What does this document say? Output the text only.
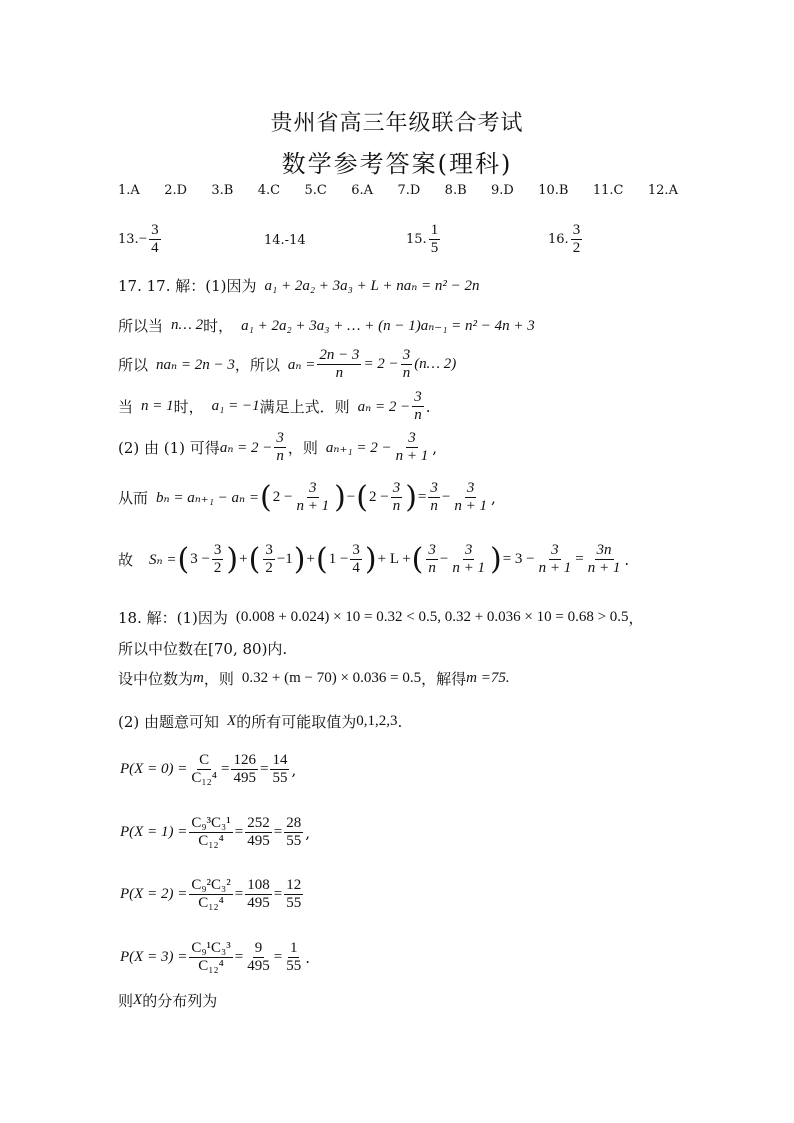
贵州省高三年级联合考试
数学参考答案(理科)
1.A 2.D 3.B 4.C 5.C 6.A 7.D 8.B 9.D 10.B 11.C 12.A
13. − $\frac{3}{4}$	14.-14	15. $\frac{1}{5}$	16. $\frac{3}{2}$
17. 17. 解：(1)因为 a₁ + 2a₂ + 3a₃ + L + naₙ = n² − 2n
所以当 n… 2 时， a₁ + 2a₂ + 3a₃ + … + (n − 1)aₙ₋₁ = n² − 4n + 3
所以 naₙ = 2n − 3 ，所以 $a_n = \frac{2n - 3}{n} = 2 - \frac{3}{n}$ (n… 2)
当 n = 1 时， a₁ = −1 满足上式．则 $a_n = 2 - \frac{3}{n}$ .
(2) 由 (1) 可得 $a_n = 2 - \frac{3}{n}$ ，则 $a_{n+1} = 2 - \frac{3}{n + 1}$ ,
从而 bₙ = aₙ₊₁ − aₙ = ( $2 - \frac{3}{n + 1}$ ) − ( $2 - \frac{3}{n}$ ) = $\frac{3}{n} - \frac{3}{n + 1}$ ,
故 Sₙ = ( $3 - \frac{3}{2}$ ) + ( $\frac{3}{2} -1$ ) + ( $1 - \frac{3}{4}$ ) + L + ( $\frac{3}{n} - \frac{3}{n + 1}$ ) = $3 - \frac{3}{n + 1} = \frac{3n}{n + 1}$ .
18. 解：(1)因为 (0.008 + 0.024) × 10 = 0.32 < 0.5, 0.32 + 0.036 × 10 = 0.68 > 0.5 ，
所以中位数在[70, 80)内.
设中位数为 m ，则 0.32 + (m − 70) × 0.036 = 0.5 ，解得 m =75.
(2) 由题意可知 X 的所有可能取值为 0,1,2,3 .
$P(X = 0) = \frac{C}{\text{C₁₂⁴}} = \frac{126}{495} = \frac{14}{55}$ ,
$P(X = 1) = \frac{\text{C₉³C₃¹}}{\text{C₁₂⁴}} = \frac{252}{495} = \frac{28}{55}$ ,
$P(X = 2) = \frac{\text{C₉²C₃²}}{\text{C₁₂⁴}} = \frac{108}{495} = \frac{12}{55}$
$P(X = 3) = \frac{\text{C₉¹C₃³}}{\text{C₁₂⁴}} = \frac{9}{495} = \frac{1}{55}$ .
则 X 的分布列为
